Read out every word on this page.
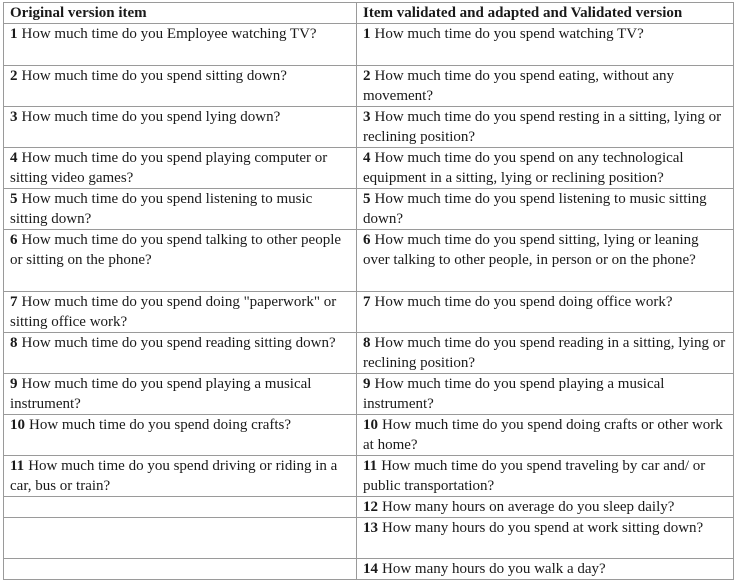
Original version item	Item validated and adapted and Validated version
1 How much time do you Employee watching TV?	1 How much time do you spend watching TV?
2 How much time do you spend sitting down?	2 How much time do you spend eating, without any movement?
3 How much time do you spend lying down?	3 How much time do you spend resting in a sitting, lying or reclining position?
4 How much time do you spend playing computer or sitting video games?	4 How much time do you spend on any technological equipment in a sitting, lying or reclining position?
5 How much time do you spend listening to music sitting down?	5 How much time do you spend listening to music sitting down?
6 How much time do you spend talking to other people or sitting on the phone?	6 How much time do you spend sitting, lying or leaning over talking to other people, in person or on the phone?
7 How much time do you spend doing "paperwork" or sitting office work?	7 How much time do you spend doing office work?
8 How much time do you spend reading sitting down?	8 How much time do you spend reading in a sitting, lying or reclining position?
9 How much time do you spend playing a musical instrument?	9 How much time do you spend playing a musical instrument?
10 How much time do you spend doing crafts?	10 How much time do you spend doing crafts or other work at home?
11 How much time do you spend driving or riding in a car, bus or train?	11 How much time do you spend traveling by car and/ or public transportation?
	12 How many hours on average do you sleep daily?
	13 How many hours do you spend at work sitting down?
	14 How many hours do you walk a day?
